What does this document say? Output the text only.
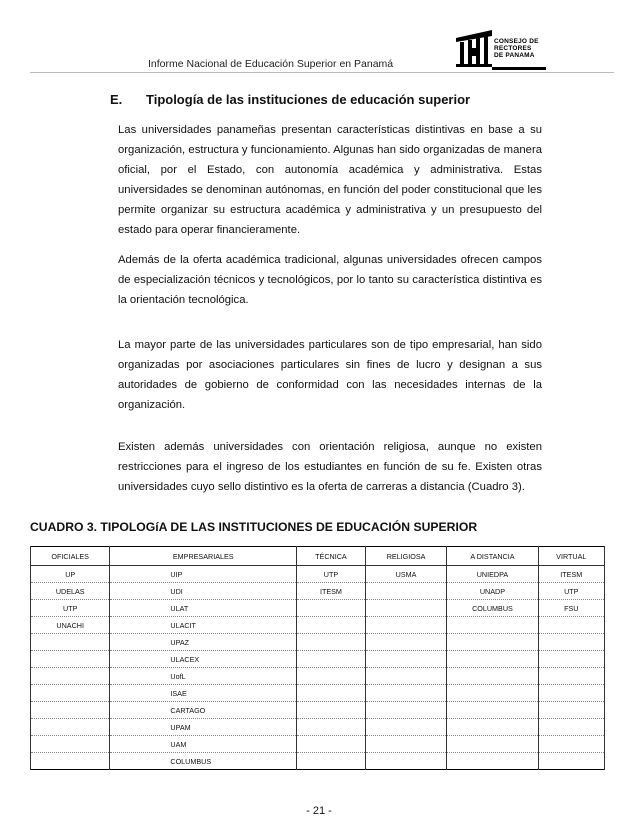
Informe Nacional de Educación Superior en Panamá
CONSEJO DE
RECTORES
DE PANAMA
E. Tipología de las instituciones de educación superior

Las universidades panameñas presentan características distintivas en base a su organización, estructura y funcionamiento. Algunas han sido organizadas de manera oficial, por el Estado, con autonomía académica y administrativa. Estas universidades se denominan autónomas, en función del poder constitucional que les permite organizar su estructura académica y administrativa y un presupuesto del estado para operar financieramente.

Además de la oferta académica tradicional, algunas universidades ofrecen campos de especialización técnicos y tecnológicos, por lo tanto su característica distintiva es la orientación tecnológica.

La mayor parte de las universidades particulares son de tipo empresarial, han sido organizadas por asociaciones particulares sin fines de lucro y designan a sus autoridades de gobierno de conformidad con las necesidades internas de la organización.

Existen además universidades con orientación religiosa, aunque no existen restricciones para el ingreso de los estudiantes en función de su fe. Existen otras universidades cuyo sello distintivo es la oferta de carreras a distancia (Cuadro 3).

CUADRO 3. TIPOLOGíA DE LAS INSTITUCIONES DE EDUCACIÓN SUPERIOR
OFICIALES	EMPRESARIALES	TÉCNICA	RELIGIOSA	A DISTANCIA	VIRTUAL
UP	UIP	UTP	USMA	UNIEDPA	ITESM
UDELAS	UDI	ITESM		UNADP	UTP
UTP	ULAT			COLUMBUS	FSU
UNACHI	ULACIT				
	UPAZ				
	ULACEX				
	UofL				
	ISAE				
	CARTAGO				
	UPAM				
	UAM				
	COLUMBUS				
- 21 -
